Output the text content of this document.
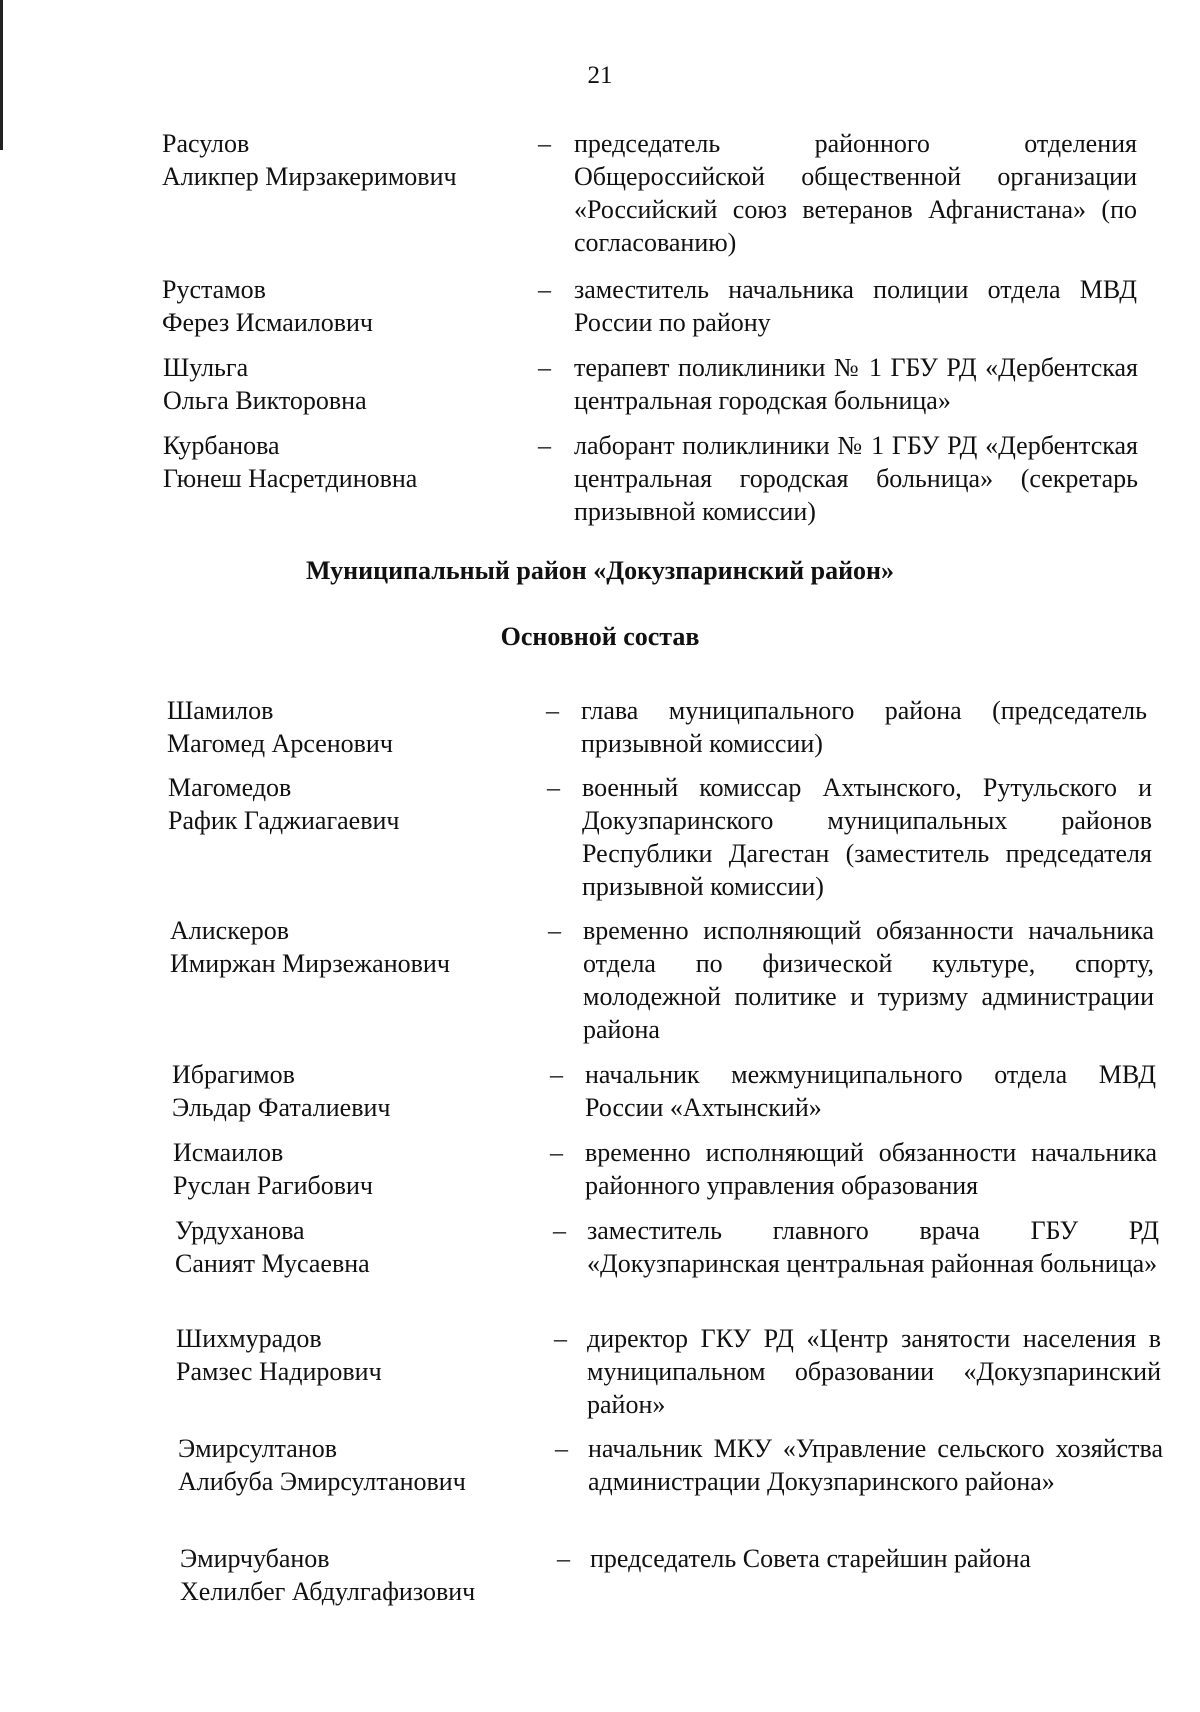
21
Расулов
Аликпер Мирзакеримович
– председатель районного отделения Общероссийской общественной организации «Российский союз ветеранов Афганистана» (по согласованию)
Рустамов
Ферез Исмаилович
– заместитель начальника полиции отдела МВД России по району
Шульга
Ольга Викторовна
– терапевт поликлиники № 1 ГБУ РД «Дербентская центральная городская больница»
Курбанова
Гюнеш Насретдиновна
– лаборант поликлиники № 1 ГБУ РД «Дербентская центральная городская больница» (секретарь призывной комиссии)
Муниципальный район «Докузпаринский район»
Основной состав
Шамилов
Магомед Арсенович
– глава муниципального района (председатель призывной комиссии)
Магомедов
Рафик Гаджиагаевич
– военный комиссар Ахтынского, Рутульского и Докузпаринского муниципальных районов Республики Дагестан (заместитель председателя призывной комиссии)
Алискеров
Имиржан Мирзежанович
– временно исполняющий обязанности начальника отдела по физической культуре, спорту, молодежной политике и туризму администрации района
Ибрагимов
Эльдар Фаталиевич
– начальник межмуниципального отдела МВД России «Ахтынский»
Исмаилов
Руслан Рагибович
– временно исполняющий обязанности начальника районного управления образования
Урдуханова
Саният Мусаевна
– заместитель главного врача ГБУ РД «Докузпаринская центральная районная больница»
Шихмурадов
Рамзес Надирович
– директор ГКУ РД «Центр занятости населения в муниципальном образовании «Докузпаринский район»
Эмирсултанов
Алибуба Эмирсултанович
– начальник МКУ «Управление сельского хозяйства администрации Докузпаринского района»
Эмирчубанов
Хелилбег Абдулгафизович
– председатель Совета старейшин района
